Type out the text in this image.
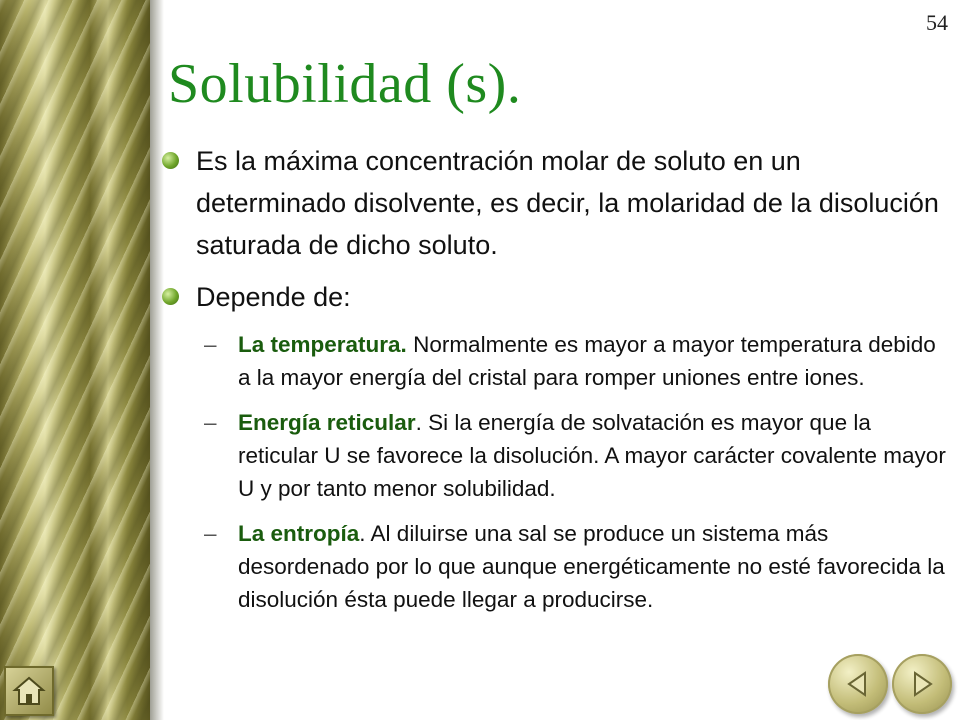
54
Solubilidad (s).
Es la máxima concentración molar de soluto en un determinado disolvente, es decir, la molaridad de la disolución saturada de dicho soluto.
Depende de:
– La temperatura. Normalmente es mayor a mayor temperatura debido a la mayor energía del cristal para romper uniones entre iones.
– Energía reticular. Si la energía de solvatación es mayor que la reticular U se favorece la disolución. A mayor carácter covalente mayor U y por tanto menor solubilidad.
– La entropía. Al diluirse una sal se produce un sistema más desordenado por lo que aunque energéticamente no esté favorecida la disolución ésta puede llegar a producirse.
